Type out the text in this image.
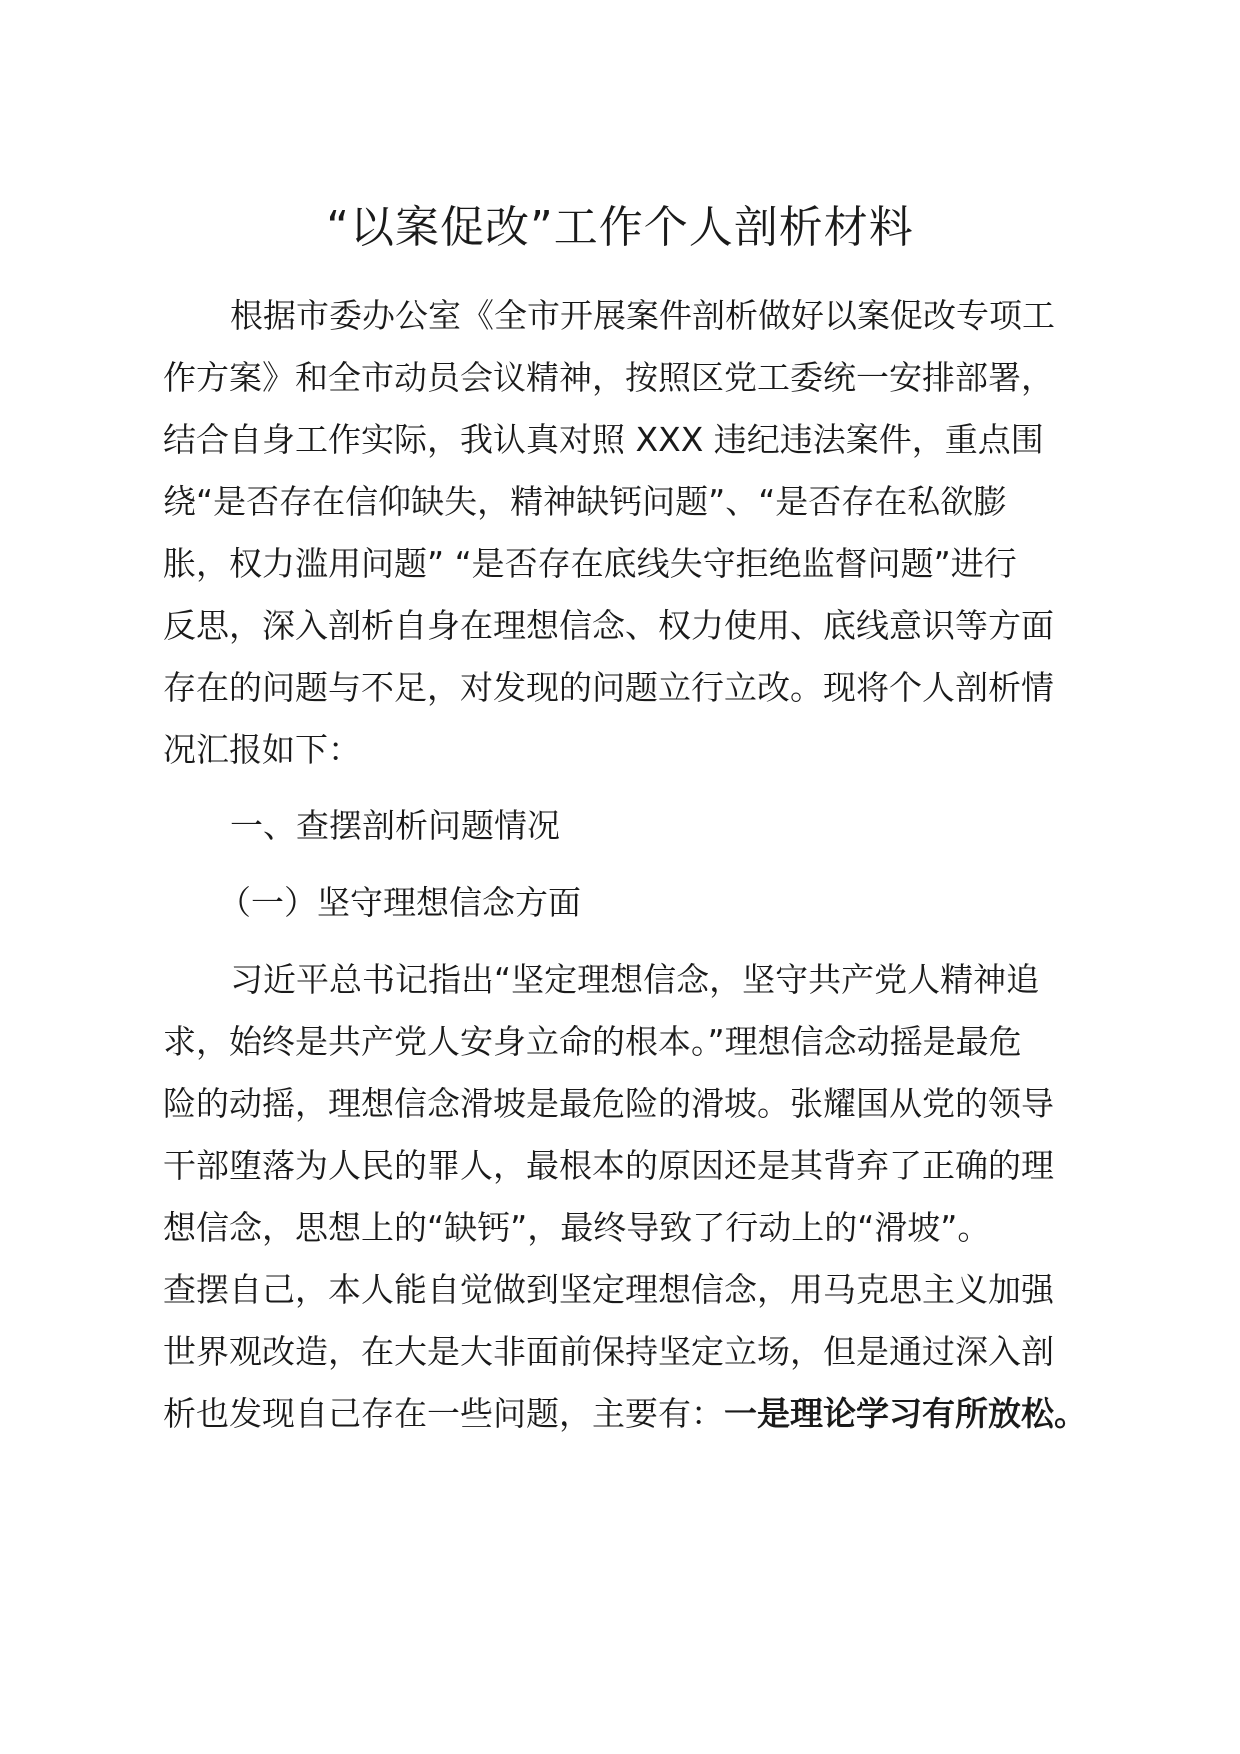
“以案促改”工作个人剖析材料
根据市委办公室《全市开展案件剖析做好以案促改专项工
作方案》和全市动员会议精神，按照区党工委统一安排部署，
结合自身工作实际，我认真对照 XXX 违纪违法案件，重点围
绕“是否存在信仰缺失，精神缺钙问题”、“是否存在私欲膨
胀，权力滥用问题” “是否存在底线失守拒绝监督问题”进行
反思，深入剖析自身在理想信念、权力使用、底线意识等方面
存在的问题与不足，对发现的问题立行立改。现将个人剖析情
况汇报如下：
一、查摆剖析问题情况
（一）坚守理想信念方面
习近平总书记指出“坚定理想信念，坚守共产党人精神追
求，始终是共产党人安身立命的根本。”理想信念动摇是最危
险的动摇，理想信念滑坡是最危险的滑坡。张耀国从党的领导
干部堕落为人民的罪人，最根本的原因还是其背弃了正确的理
想信念，思想上的“缺钙”，最终导致了行动上的“滑坡”。
查摆自己，本人能自觉做到坚定理想信念，用马克思主义加强
世界观改造，在大是大非面前保持坚定立场，但是通过深入剖
析也发现自己存在一些问题，主要有：一是理论学习有所放松。
